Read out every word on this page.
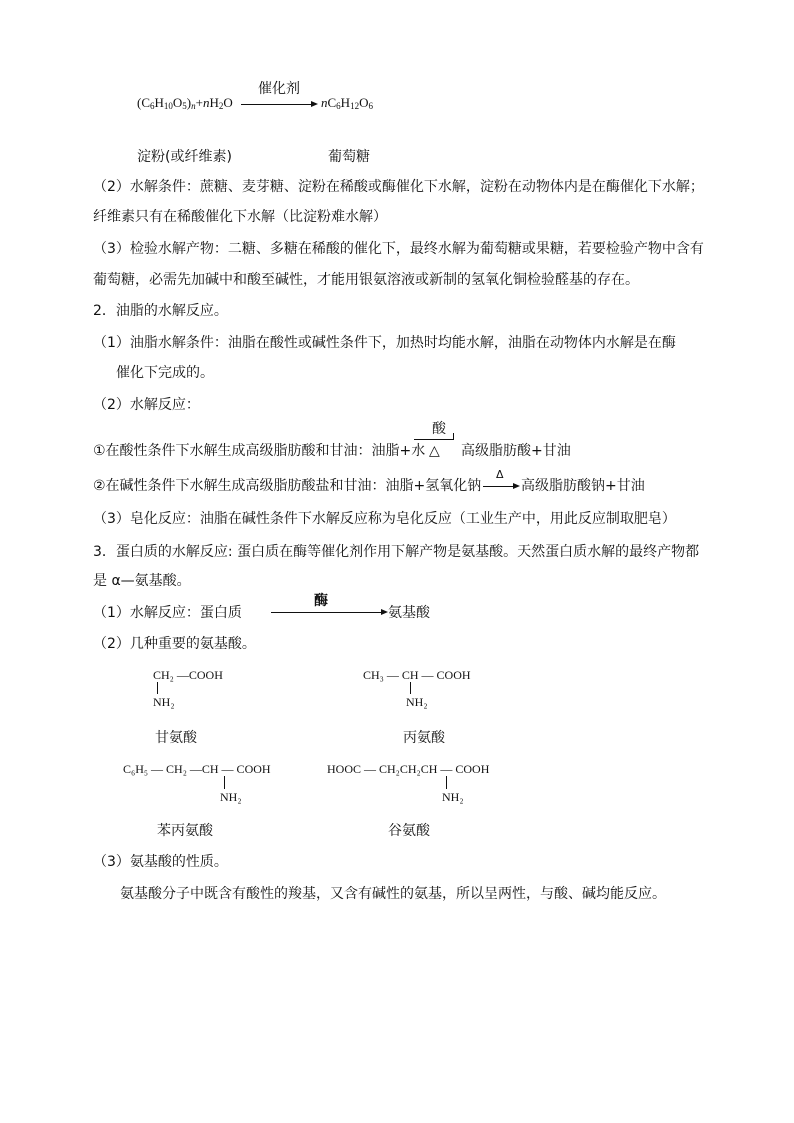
$(C_6H_{10}O_5)_n+nH_2O$
催化剂
$nC_6H_{12}O_6$
淀粉(或纤维素)	葡萄糖
（2）水解条件：蔗糖、麦芽糖、淀粉在稀酸或酶催化下水解，淀粉在动物体内是在酶催化下水解；
纤维素只有在稀酸催化下水解（比淀粉难水解）
（3）检验水解产物：二糖、多糖在稀酸的催化下，最终水解为葡萄糖或果糖，若要检验产物中含有
葡萄糖，必需先加碱中和酸至碱性，才能用银氨溶液或新制的氢氧化铜检验醛基的存在。
2．油脂的水解反应。
（1）油脂水解条件：油脂在酸性或碱性条件下，加热时均能水解，油脂在动物体内水解是在酶
催化下完成的。
（2）水解反应：
①在酸性条件下水解生成高级脂肪酸和甘油：油脂+水
酸
△ 高级脂肪酸+甘油
②在碱性条件下水解生成高级脂肪酸盐和甘油：油脂+氢氧化钠
Δ
高级脂肪酸钠+甘油
（3）皂化反应：油脂在碱性条件下水解反应称为皂化反应（工业生产中，用此反应制取肥皂）
3．蛋白质的水解反应: 蛋白质在酶等催化剂作用下解产物是氨基酸。天然蛋白质水解的最终产物都
是 α—氨基酸。
（1）水解反应：蛋白质
酶
氨基酸
（2）几种重要的氨基酸。
CH₂ —COOH
NH₂
甘氨酸
CH₃ — CH — COOH
NH₂
丙氨酸
C₆H₅ — CH₂ —CH — COOH
NH₂
苯丙氨酸
HOOC — CH₂CH₂CH — COOH
NH₂
谷氨酸
（3）氨基酸的性质。
氨基酸分子中既含有酸性的羧基，又含有碱性的氨基，所以呈两性，与酸、碱均能反应。
